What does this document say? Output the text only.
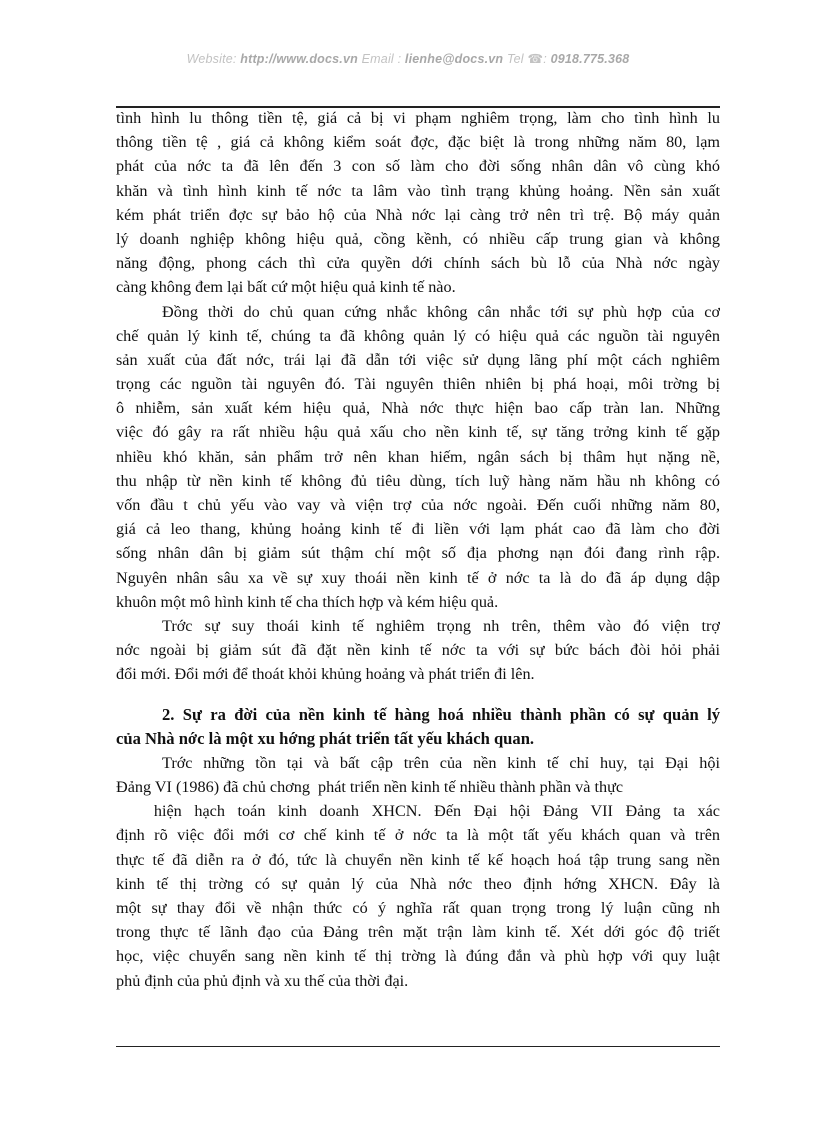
Website: http://www.docs.vn Email : lienhe@docs.vn Tel ☎: 0918.775.368
tình hình lu thông tiền tệ, giá cả bị vi phạm nghiêm trọng, làm cho tình hình lu
thông tiền tệ , giá cả không kiểm soát đợc, đặc biệt là trong những năm 80, lạm
phát của nớc ta đã lên đến 3 con số làm cho đời sống nhân dân vô cùng khó
khăn và tình hình kinh tế nớc ta lâm vào tình trạng khủng hoảng. Nền sản xuất
kém phát triển đợc sự bảo hộ của Nhà nớc lại càng trở nên trì trệ. Bộ máy quản
lý doanh nghiệp không hiệu quả, cồng kềnh, có nhiều cấp trung gian và không
năng động, phong cách thì cửa quyền dới chính sách bù lỗ của Nhà nớc ngày
càng không đem lại bất cứ một hiệu quả kinh tế nào.
Đồng thời do chủ quan cứng nhắc không cân nhắc tới sự phù hợp của cơ
chế quản lý kinh tế, chúng ta đã không quản lý có hiệu quả các nguồn tài nguyên
sản xuất của đất nớc, trái lại đã dẫn tới việc sử dụng lãng phí một cách nghiêm
trọng các nguồn tài nguyên đó. Tài nguyên thiên nhiên bị phá hoại, môi trờng bị
ô nhiễm, sản xuất kém hiệu quả, Nhà nớc thực hiện bao cấp tràn lan. Những
việc đó gây ra rất nhiều hậu quả xấu cho nền kinh tế, sự tăng trởng kinh tế gặp
nhiều khó khăn, sản phẩm trở nên khan hiếm, ngân sách bị thâm hụt nặng nề,
thu nhập từ nền kinh tế không đủ tiêu dùng, tích luỹ hàng năm hầu nh không có
vốn đầu t chủ yếu vào vay và viện trợ của nớc ngoài. Đến cuối những năm 80,
giá cả leo thang, khủng hoảng kinh tế đi liền với lạm phát cao đã làm cho đời
sống nhân dân bị giảm sút thậm chí một số địa phơng nạn đói đang rình rập.
Nguyên nhân sâu xa về sự xuy thoái nền kinh tế ở nớc ta là do đã áp dụng dập
khuôn một mô hình kinh tế cha thích hợp và kém hiệu quả.
Trớc sự suy thoái kinh tế nghiêm trọng nh trên, thêm vào đó viện trợ
nớc ngoài bị giảm sút đã đặt nền kinh tế nớc ta với sự bức bách đòi hỏi phải
đổi mới. Đổi mới để thoát khỏi khủng hoảng và phát triển đi lên.
2. Sự ra đời của nền kinh tế hàng hoá nhiều thành phần có sự quản lý
của Nhà nớc là một xu hớng phát triển tất yếu khách quan.
Trớc những tồn tại và bất cập trên của nền kinh tế chỉ huy, tại Đại hội
Đảng VI (1986) đã chủ chơng  phát triển nền kinh tế nhiều thành phần và thực
hiện hạch toán kinh doanh XHCN. Đến Đại hội Đảng VII Đảng ta xác
định rõ việc đổi mới cơ chế kinh tế ở nớc ta là một tất yếu khách quan và trên
thực tế đã diễn ra ở đó, tức là chuyển nền kinh tế kế hoạch hoá tập trung sang nền
kinh tế thị trờng có sự quản lý của Nhà nớc theo định hớng XHCN. Đây là
một sự thay đổi về nhận thức có ý nghĩa rất quan trọng trong lý luận cũng nh
trong thực tế lãnh đạo của Đảng trên mặt trận làm kinh tế. Xét dới góc độ triết
học, việc chuyển sang nền kinh tế thị trờng là đúng đắn và phù hợp với quy luật
phủ định của phủ định và xu thế của thời đại.
